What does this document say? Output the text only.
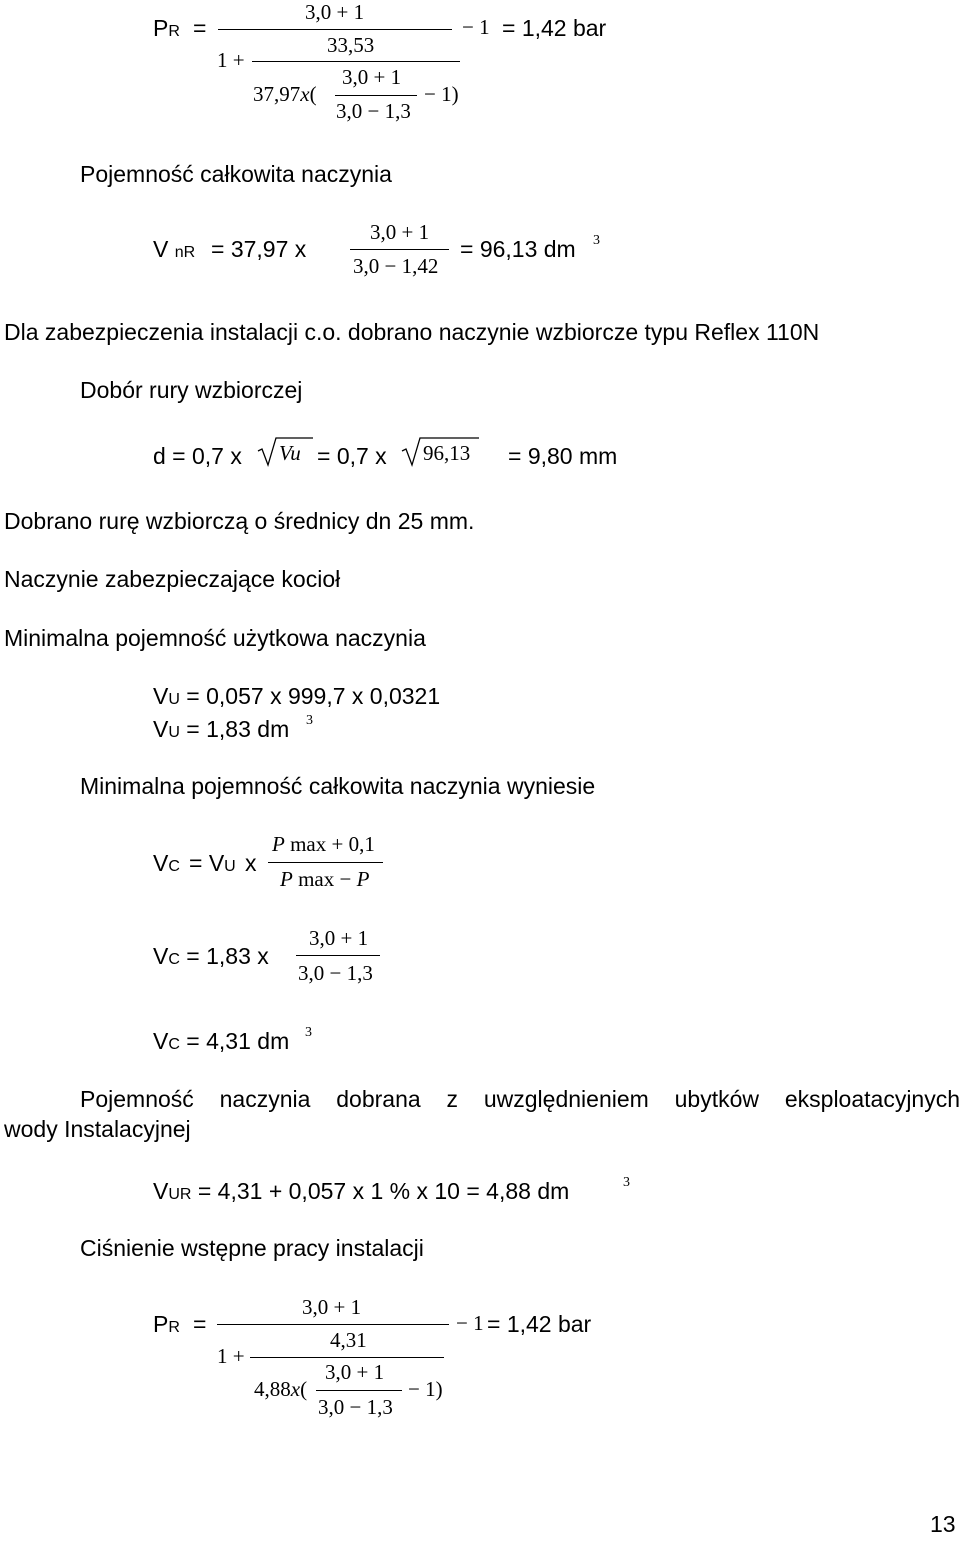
PR =
3,0 + 1
− 1 = 1,42 bar
33,53
1 +
3,0 + 1
37,97x(	− 1)
3,0 − 1,3
Pojemność całkowita naczynia
V nR = 37,97 x
3,0 + 1
3,0 − 1,42
= 96,13 dm 3
Dla zabezpieczenia instalacji c.o. dobrano naczynie wzbiorcze typu Reflex 110N
Dobór rury wzbiorczej
d = 0,7 x Vu = 0,7 x 96,13 = 9,80 mm
Dobrano rurę wzbiorczą o średnicy dn 25 mm.
Naczynie zabezpieczające kocioł
Minimalna pojemność użytkowa naczynia
VU = 0,057 x 999,7 x 0,0321
VU = 1,83 dm 3
Minimalna pojemność całkowita naczynia wyniesie
VC = VU x
P max + 0,1
P max − P
VC = 1,83 x
3,0 + 1
3,0 − 1,3
VC = 4,31 dm 3
Pojemność naczynia dobrana z uwzględnieniem ubytków eksploatacyjnych
wody Instalacyjnej
VUR = 4,31 + 0,057 x 1 % x 10 = 4,88 dm	3
Ciśnienie wstępne pracy instalacji
PR =
3,0 + 1
− 1 = 1,42 bar
4,31
1 +
3,0 + 1
4,88x(	− 1)
3,0 − 1,3
13
